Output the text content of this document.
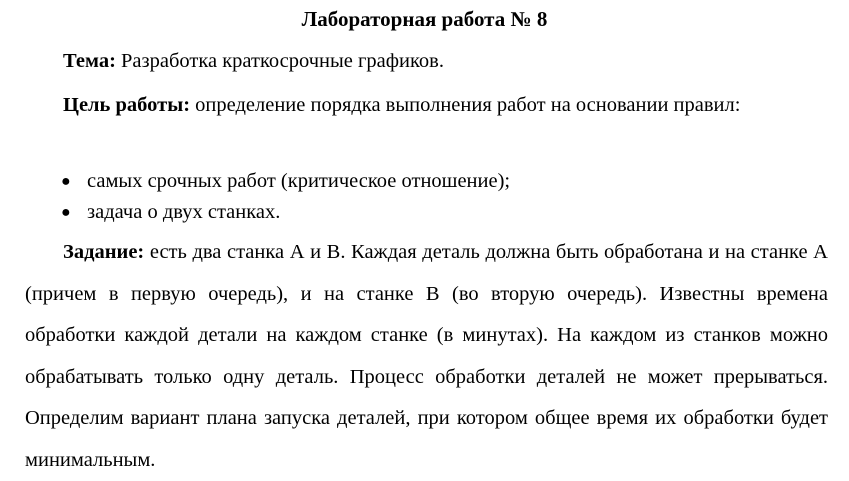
Лабораторная работа № 8
Тема: Разработка краткосрочные графиков.
Цель работы: определение порядка выполнения работ на основании правил:
● самых срочных работ (критическое отношение);
● задача о двух станках.
Задание: есть два станка А и В. Каждая деталь должна быть обработана и на станке А (причем в первую очередь), и на станке В (во вторую очередь). Известны времена обработки каждой детали на каждом станке (в минутах). На каждом из станков можно обрабатывать только одну деталь. Процесс обработки деталей не может прерываться. Определим вариант плана запуска деталей, при котором общее время их обработки будет минимальным.
